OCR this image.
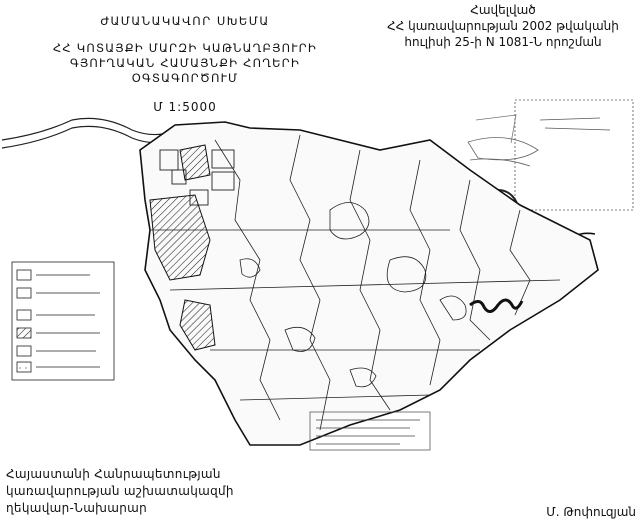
ԺԱՄԱՆԱԿԱՎՈՐ ՍԽԵՄԱ
ՀՀ ԿՈՏԱՅՔԻ ՄԱՐԶԻ ԿԱԹՆԱՂԲՅՈՒՐԻ
ԳՅՈՒՂԱԿԱՆ ՀԱՄԱՅՆՔԻ ՀՈՂԵՐԻ
ՕԳՏԱԳՈՐԾՈՒՄ
Մ 1:5000
Հավելված
ՀՀ կառավարության 2002 թվականի
հուլիսի 25-ի N 1081-Ն որոշման
Հայաստանի Հանրապետության
կառավարության աշխատակազմի
ղեկավար-Նախարար	Մ. Թոփուզյան
